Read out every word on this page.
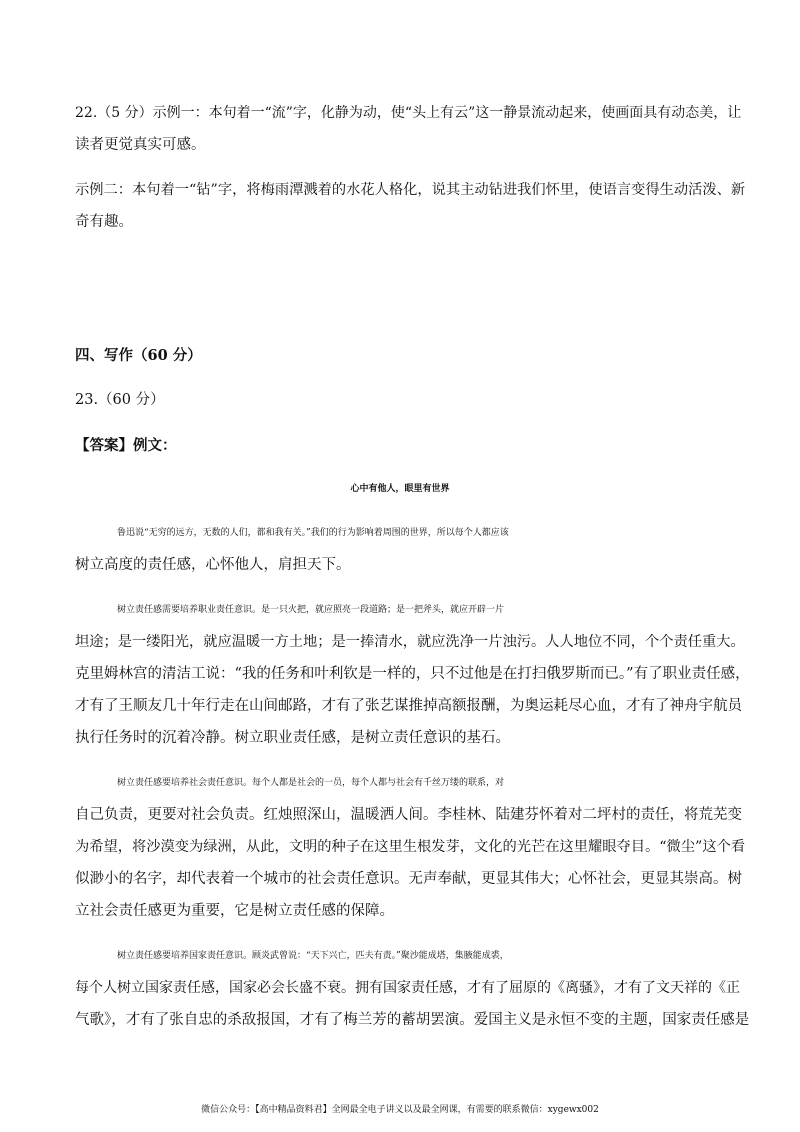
22.（5 分）示例一：本句着一“流”字，化静为动，使“头上有云”这一静景流动起来，使画面具有动态美，让
读者更觉真实可感。
示例二：本句着一“钻”字，将梅雨潭溅着的水花人格化，说其主动钻进我们怀里，使语言变得生动活泼、新
奇有趣。
四、写作（60 分）
23.（60 分）
【答案】例文：
心中有他人，眼里有世界
鲁迅说“无穷的远方，无数的人们，都和我有关。”我们的行为影响着周围的世界，所以每个人都应该
树立高度的责任感，心怀他人，肩担天下。
树立责任感需要培养职业责任意识。是一只火把，就应照亮一段道路；是一把斧头，就应开辟一片
坦途；是一缕阳光，就应温暖一方土地；是一捧清水，就应洗净一片浊污。人人地位不同，个个责任重大。
克里姆林宫的清洁工说：“我的任务和叶利钦是一样的，只不过他是在打扫俄罗斯而已。”有了职业责任感，
才有了王顺友几十年行走在山间邮路，才有了张艺谋推掉高额报酬，为奥运耗尽心血，才有了神舟宇航员
执行任务时的沉着冷静。树立职业责任感，是树立责任意识的基石。
树立责任感要培养社会责任意识。每个人都是社会的一员，每个人都与社会有千丝万缕的联系，对
自己负责，更要对社会负责。红烛照深山，温暖洒人间。李桂林、陆建芬怀着对二坪村的责任，将荒芜变
为希望，将沙漠变为绿洲，从此，文明的种子在这里生根发芽，文化的光芒在这里耀眼夺目。“微尘”这个看
似渺小的名字，却代表着一个城市的社会责任意识。无声奉献，更显其伟大；心怀社会，更显其崇高。树
立社会责任感更为重要，它是树立责任感的保障。
树立责任感要培养国家责任意识。顾炎武曾说：“天下兴亡，匹夫有责。”聚沙能成塔，集腋能成裘，
每个人树立国家责任感，国家必会长盛不衰。拥有国家责任感，才有了屈原的《离骚》，才有了文天祥的《正
气歌》，才有了张自忠的杀敌报国，才有了梅兰芳的蓄胡罢演。爱国主义是永恒不变的主题，国家责任感是
微信公众号：【高中精品资料君】全网最全电子讲义以及最全网课，有需要的联系微信：xygewx002
